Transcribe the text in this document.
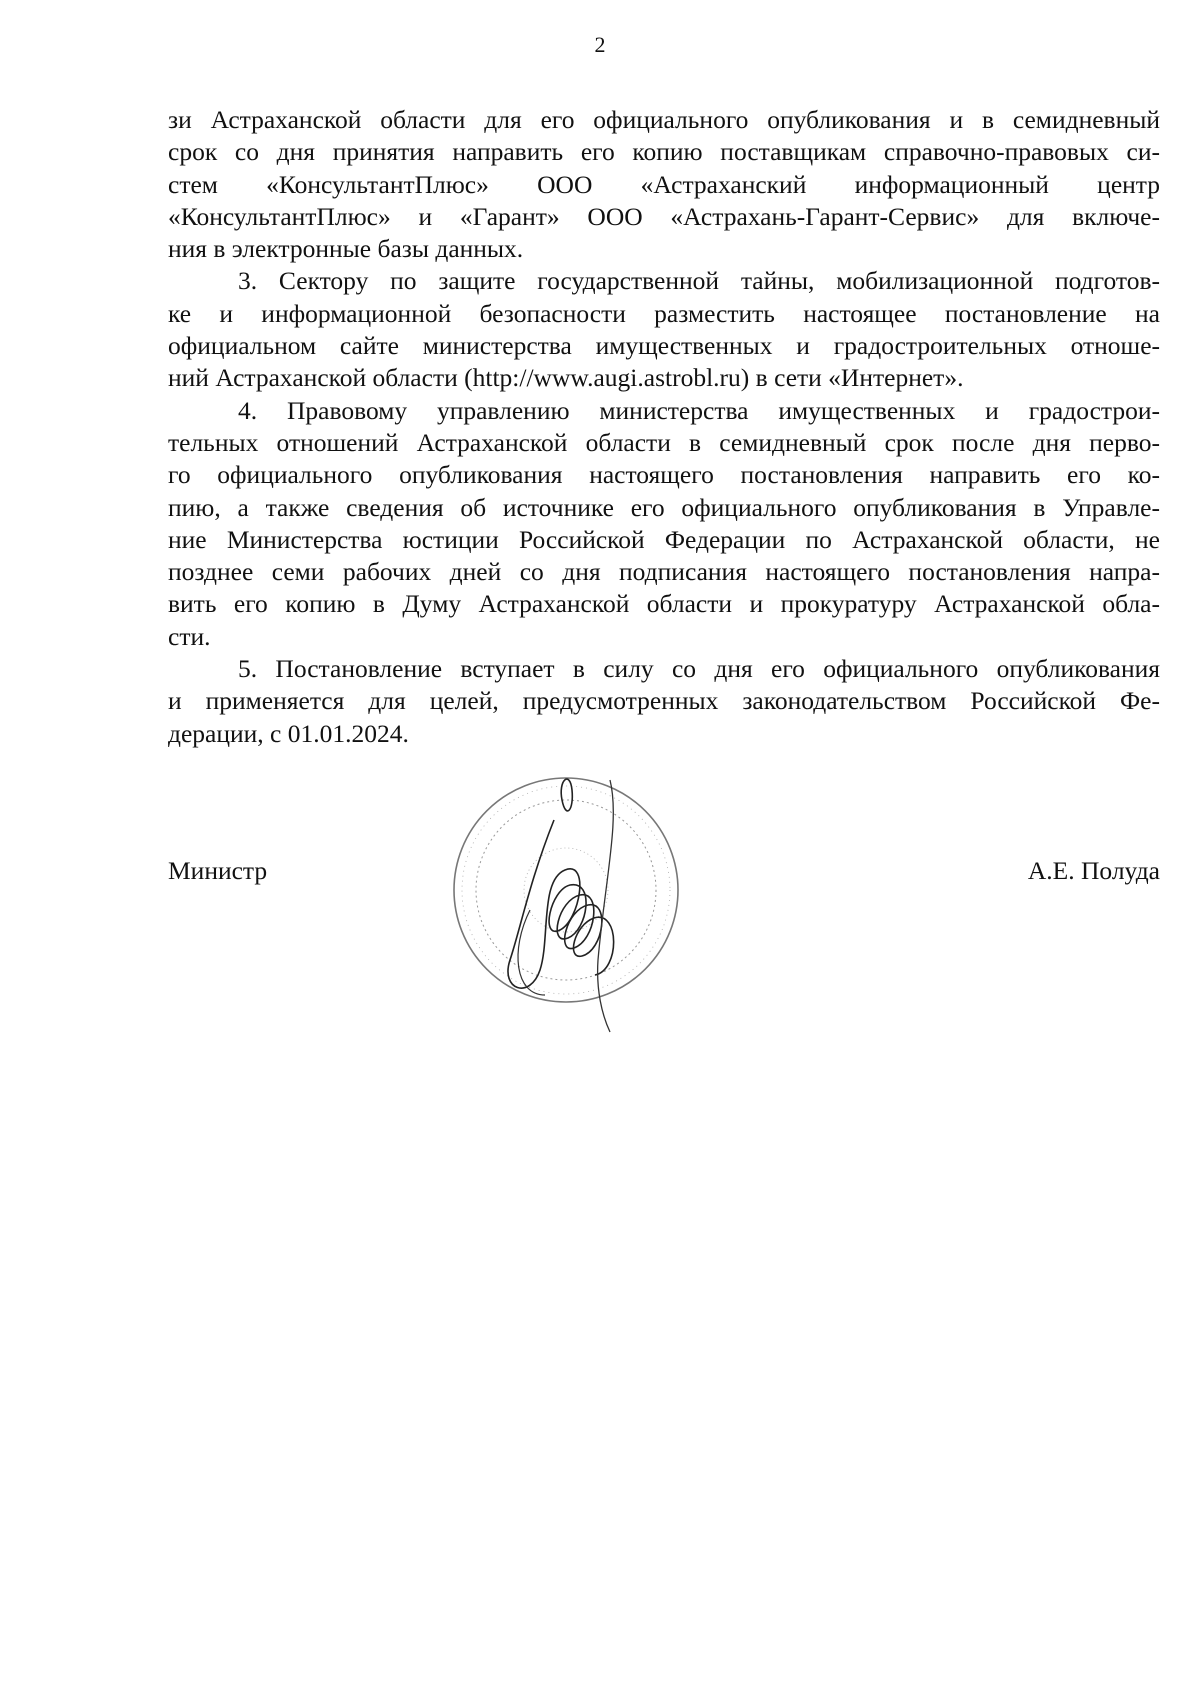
2

зи Астраханской области для его официального опубликования и в семидневный
срок со дня принятия направить его копию поставщикам справочно-правовых си-
стем «КонсультантПлюс» ООО «Астраханский информационный центр
«КонсультантПлюс» и «Гарант» ООО «Астрахань-Гарант-Сервис» для включе-
ния в электронные базы данных.

3. Сектору по защите государственной тайны, мобилизационной подготов-
ке и информационной безопасности разместить настоящее постановление на
официальном сайте министерства имущественных и градостроительных отноше-
ний Астраханской области (http://www.augi.astrobl.ru) в сети «Интернет».

4. Правовому управлению министерства имущественных и градострои-
тельных отношений Астраханской области в семидневный срок после дня перво-
го официального опубликования настоящего постановления направить его ко-
пию, а также сведения об источнике его официального опубликования в Управле-
ние Министерства юстиции Российской Федерации по Астраханской области, не
позднее семи рабочих дней со дня подписания настоящего постановления напра-
вить его копию в Думу Астраханской области и прокуратуру Астраханской обла-
сти.

5. Постановление вступает в силу со дня его официального опубликования
и применяется для целей, предусмотренных законодательством Российской Фе-
дерации, с 01.01.2024.

Министр	А.Е. Полуда
